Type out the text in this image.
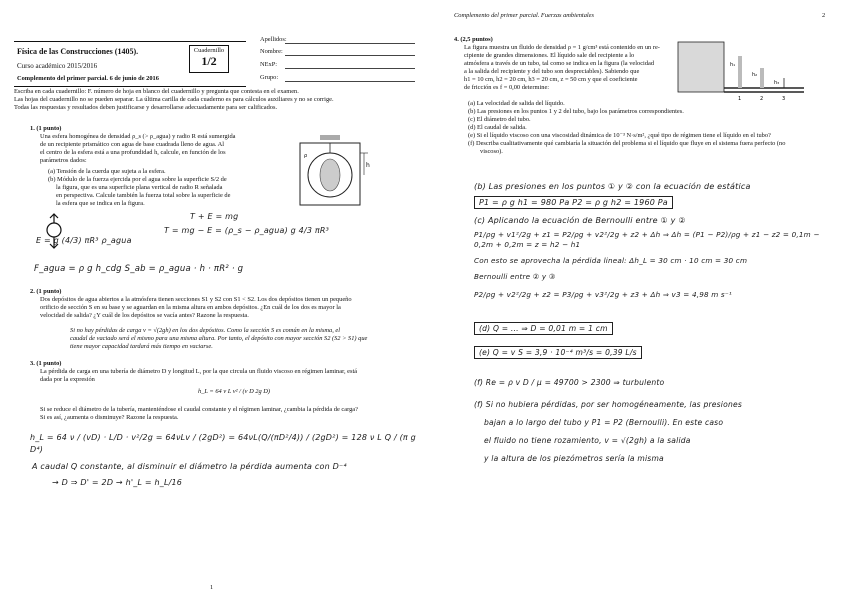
Física de las Construcciones (1405).
Curso académico 2015/2016
Complemento del primer parcial. 6 de junio de 2016
Cuadernillo
1/2
Apellidos:
Nombre:
NExP:
Grupo:
Escriba en cada cuadernillo: F. número de hoja en blanco del cuadernillo y pregunta que contesta en el examen.
Las hojas del cuadernillo no se pueden separar. La última carilla de cada cuaderno es para cálculos auxiliares y no se corrige.
Todas las respuestas y resultados deben justificarse y desarrollarse adecuadamente para ser calificados.
1. (1 punto)
Una esfera homogénea de densidad ρ_s (> ρ_agua) y radio R está sumergida
de un recipiente prismático con agua de base cuadrada lleno de agua. Al
el centro de la esfera está a una profundidad h, calcule, en función de los
parámetros dados:
(a) Tensión de la cuerda que sujeta a la esfera.
(b) Módulo de la fuerza ejercida por el agua sobre la superficie S/2 de
la figura, que es una superficie plana vertical de radio R señalada
en perspectiva. Calcule también la fuerza total sobre la superficie de
la esfera que se indica en la figura.
h
ρ
T + E = mg
T = mg − E = (ρ_s − ρ_agua) g 4/3 πR³
E = g (4/3) πR³ ρ_agua
F_agua = ρ g h_cdg S_ab = ρ_agua · h · πR² · g
2. (1 punto)
Dos depósitos de agua abiertos a la atmósfera tienen secciones S1 y S2 con S1 < S2. Los dos depósitos tienen un pequeño
orificio de sección S en su base y se aguardan en la misma altura en ambos depósitos. ¿En cuál de los dos es mayor la
velocidad de salida? ¿Y cuál de los depósitos se vacía antes? Razone la respuesta.
Si no hay pérdidas de carga v = √(2gh) en los dos depósitos. Como la sección S es común en la misma, el
caudal de vaciado será el mismo para una misma altura. Por tanto, el depósito con mayor sección S2 (S2 > S1) que
tiene mayor capacidad tardará más tiempo en vaciarse.
3. (1 punto)
La pérdida de carga en una tubería de diámetro D y longitud L, por la que circula un fluido viscoso en régimen laminar, está
dada por la expresión
h_L = 64 ν L v² / (v D 2g D)
Si se reduce el diámetro de la tubería, manteniéndose el caudal constante y el régimen laminar, ¿cambia la pérdida de carga?
Si es así, ¿aumenta o disminuye? Razone la respuesta.
h_L = 64 ν / (vD) · L/D · v²/2g = 64νLv / (2gD²) = 64νL(Q/(πD²/4)) / (2gD²) = 128 ν L Q / (π g D⁴)
A caudal Q constante, al disminuir el diámetro la pérdida aumenta con D⁻⁴
→ D ⇒ D' = 2D → h'_L = h_L/16
1
Complemento del primer parcial. Fuerzas ambientales	2
4. (2,5 puntos)
La figura muestra un fluido de densidad ρ = 1 g/cm³ está contenido en un re-
cipiente de grandes dimensiones. El líquido sale del recipiente a lo
atmósfera a través de un tubo, tal como se indica en la figura (la velocidad
a la salida del recipiente y del tubo son despreciables). Sabiendo que
h1 = 10 cm, h2 = 20 cm, h3 = 20 cm, z = 50 cm y que el coeficiente
de fricción es f = 0,00 determine:
h₁
h₂
h₃
1	2	3
(a) La velocidad de salida del líquido.
(b) Las presiones en los puntos 1 y 2 del tubo, bajo los parámetros correspondientes.
(c) El diámetro del tubo.
(d) El caudal de salida.
(e) Si el líquido viscoso con una viscosidad dinámica de 10⁻³ N·s/m², ¿qué tipo de régimen tiene el líquido en el tubo?
(f) Describa cualitativamente qué cambiaría la situación del problema si el líquido que fluye en el sistema fuera perfecto (no
viscoso).
(b) Las presiones en los puntos ① y ② con la ecuación de estática
P1 = ρ g h1 = 980 Pa P2 = ρ g h2 = 1960 Pa
(c) Aplicando la ecuación de Bernoulli entre ① y ②
P1/ρg + v1²/2g + z1 = P2/ρg + v2²/2g + z2 + Δh ⇒ Δh = (P1 − P2)/ρg + z1 − z2 = 0,1m − 0,2m + 0,2m = z = h2 − h1
Con esto se aprovecha la pérdida lineal: Δh_L = 30 cm · 10 cm = 30 cm
Bernoulli entre ② y ③
P2/ρg + v2²/2g + z2 = P3/ρg + v3²/2g + z3 + Δh ⇒ v3 = 4,98 m s⁻¹
(d) Q = ... ⇒ D = 0,01 m = 1 cm
(e) Q = v S = 3,9 · 10⁻⁴ m³/s = 0,39 L/s
(f) Re = ρ v D / μ = 49700 > 2300 ⇒ turbulento
(f) Si no hubiera pérdidas, por ser homogéneamente, las presiones
bajan a lo largo del tubo y P1 = P2 (Bernoulli). En este caso
el fluido no tiene rozamiento, v = √(2gh) a la salida
y la altura de los piezómetros sería la misma
